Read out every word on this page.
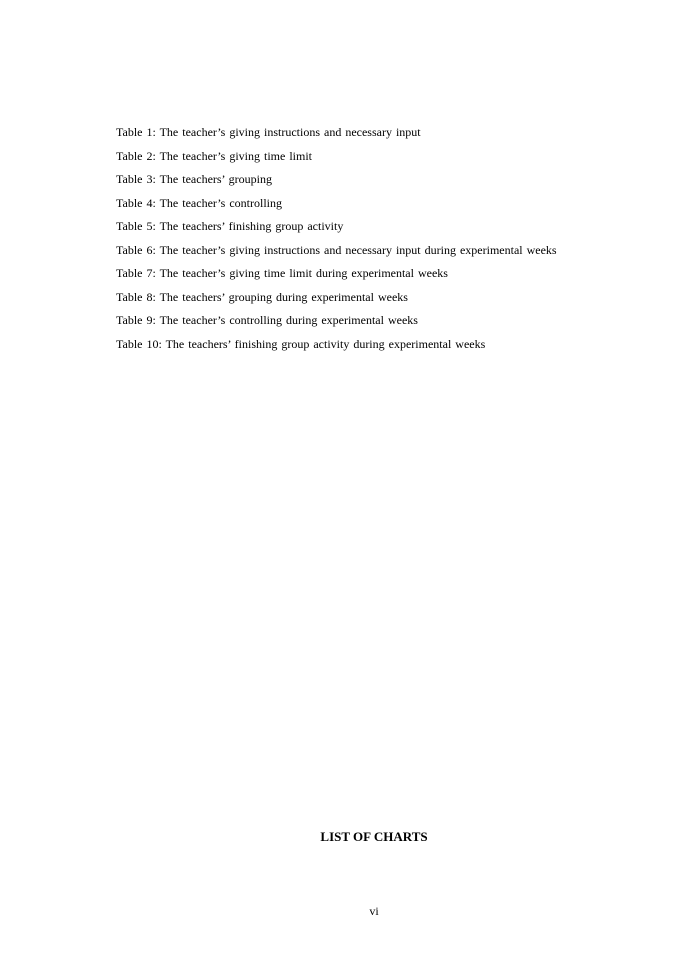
Table 1: The teacher’s giving instructions and necessary input
Table 2: The teacher’s giving time limit
Table 3: The teachers’ grouping
Table 4: The teacher’s controlling
Table 5: The teachers’ finishing group activity
Table 6: The teacher’s giving instructions and necessary input during experimental weeks
Table 7: The teacher’s giving time limit during experimental weeks
Table 8: The teachers’ grouping during experimental weeks
Table 9: The teacher’s controlling during experimental weeks
Table 10: The teachers’ finishing group activity during experimental weeks
LIST OF CHARTS
vi
